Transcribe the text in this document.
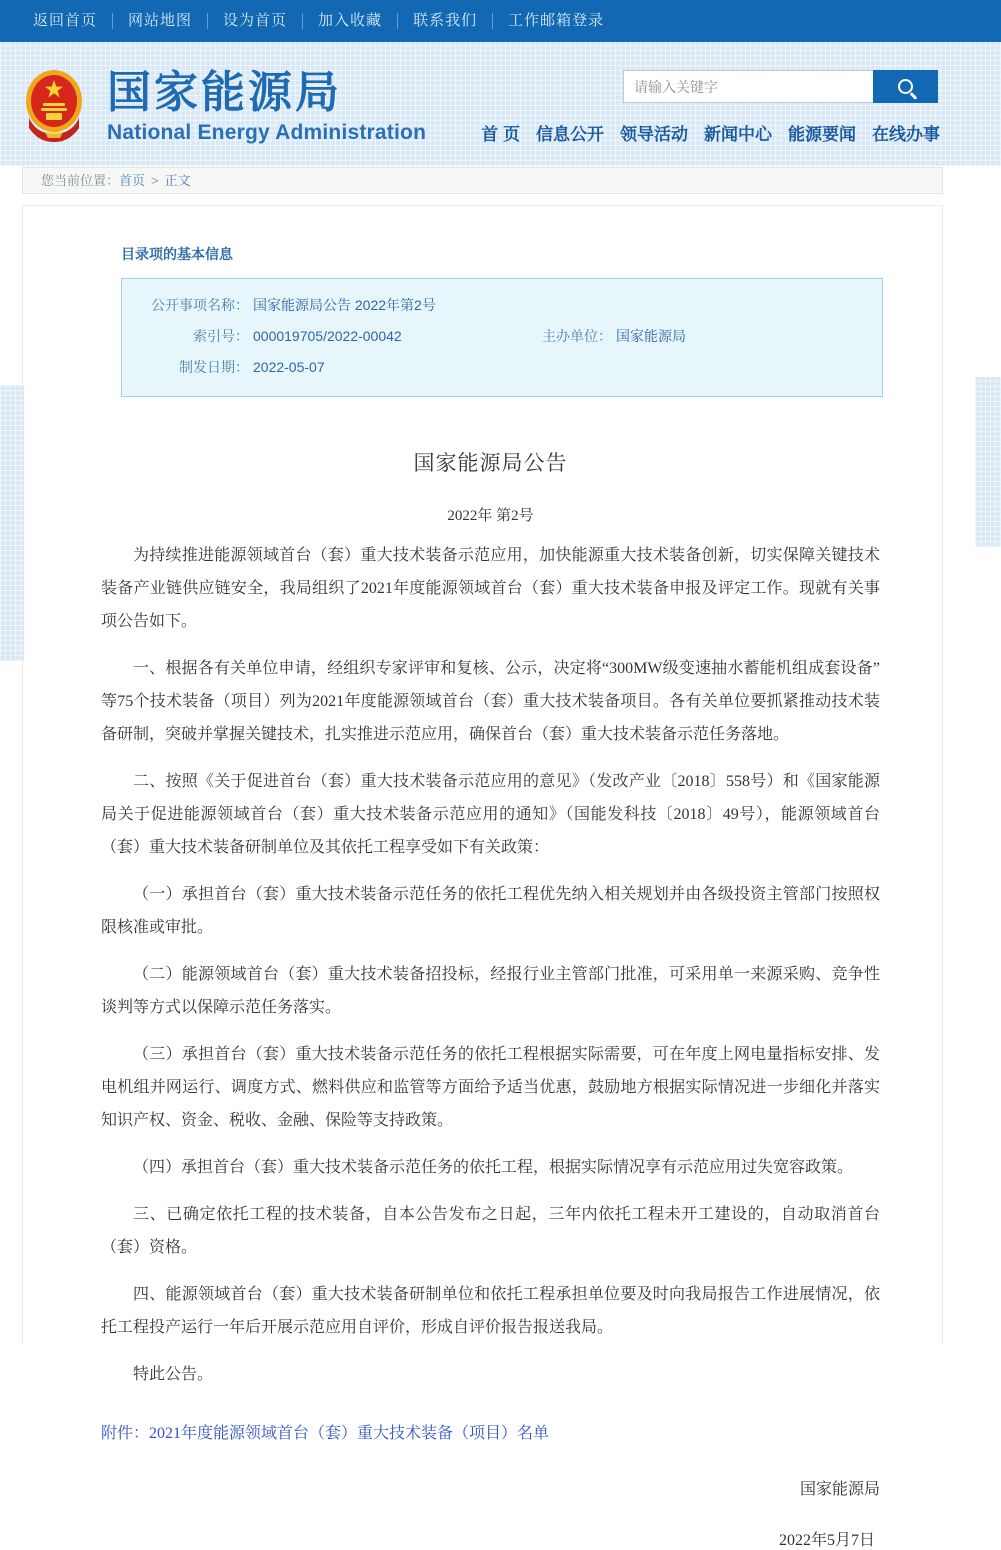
返回首页	网站地图	设为首页	加入收藏	联系我们	工作邮箱登录
国家能源局
National Energy Administration
请输入关键字	首 页 信息公开 领导活动 新闻中心 能源要闻 在线办事
您当前位置：首页 > 正文
目录项的基本信息
公开事项名称： 国家能源局公告 2022年第2号
索引号： 000019705/2022-00042	主办单位： 国家能源局
制发日期： 2022-05-07
国家能源局公告
2022年 第2号

为持续推进能源领域首台（套）重大技术装备示范应用，加快能源重大技术装备创新，切实保障关键技术装备产业链供应链安全，我局组织了2021年度能源领域首台（套）重大技术装备申报及评定工作。现就有关事项公告如下。

一、根据各有关单位申请，经组织专家评审和复核、公示，决定将“300MW级变速抽水蓄能机组成套设备”等75个技术装备（项目）列为2021年度能源领域首台（套）重大技术装备项目。各有关单位要抓紧推动技术装备研制，突破并掌握关键技术，扎实推进示范应用，确保首台（套）重大技术装备示范任务落地。

二、按照《关于促进首台（套）重大技术装备示范应用的意见》（发改产业〔2018〕558号）和《国家能源局关于促进能源领域首台（套）重大技术装备示范应用的通知》（国能发科技〔2018〕49号），能源领域首台（套）重大技术装备研制单位及其依托工程享受如下有关政策：

（一）承担首台（套）重大技术装备示范任务的依托工程优先纳入相关规划并由各级投资主管部门按照权限核准或审批。

（二）能源领域首台（套）重大技术装备招投标，经报行业主管部门批准，可采用单一来源采购、竞争性谈判等方式以保障示范任务落实。

（三）承担首台（套）重大技术装备示范任务的依托工程根据实际需要，可在年度上网电量指标安排、发电机组并网运行、调度方式、燃料供应和监管等方面给予适当优惠，鼓励地方根据实际情况进一步细化并落实知识产权、资金、税收、金融、保险等支持政策。

（四）承担首台（套）重大技术装备示范任务的依托工程，根据实际情况享有示范应用过失宽容政策。

三、已确定依托工程的技术装备，自本公告发布之日起，三年内依托工程未开工建设的，自动取消首台（套）资格。

四、能源领域首台（套）重大技术装备研制单位和依托工程承担单位要及时向我局报告工作进展情况，依托工程投产运行一年后开展示范应用自评价，形成自评价报告报送我局。

特此公告。

附件：2021年度能源领域首台（套）重大技术装备（项目）名单
国家能源局
2022年5月7日
